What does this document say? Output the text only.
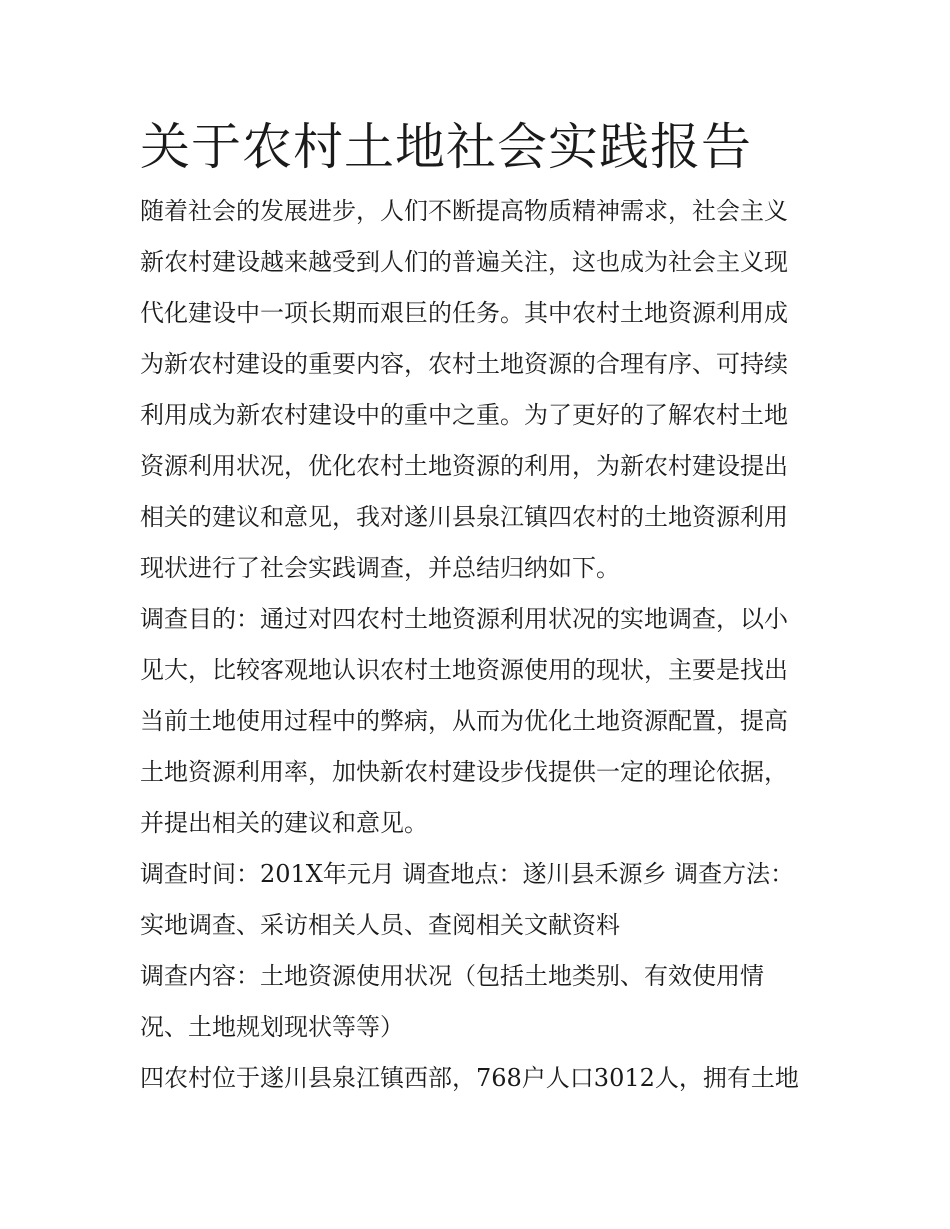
关于农村土地社会实践报告
随着社会的发展进步，人们不断提高物质精神需求，社会主义
新农村建设越来越受到人们的普遍关注，这也成为社会主义现
代化建设中一项长期而艰巨的任务。其中农村土地资源利用成
为新农村建设的重要内容，农村土地资源的合理有序、可持续
利用成为新农村建设中的重中之重。为了更好的了解农村土地
资源利用状况，优化农村土地资源的利用，为新农村建设提出
相关的建议和意见，我对遂川县泉江镇四农村的土地资源利用
现状进行了社会实践调查，并总结归纳如下。
调查目的：通过对四农村土地资源利用状况的实地调查，以小
见大，比较客观地认识农村土地资源使用的现状，主要是找出
当前土地使用过程中的弊病，从而为优化土地资源配置，提高
土地资源利用率，加快新农村建设步伐提供一定的理论依据，
并提出相关的建议和意见。
调查时间：201X年元月 调查地点：遂川县禾源乡 调查方法：
实地调查、采访相关人员、查阅相关文献资料
调查内容：土地资源使用状况（包括土地类别、有效使用情
况、土地规划现状等等）
四农村位于遂川县泉江镇西部，768户人口3012人，拥有土地
